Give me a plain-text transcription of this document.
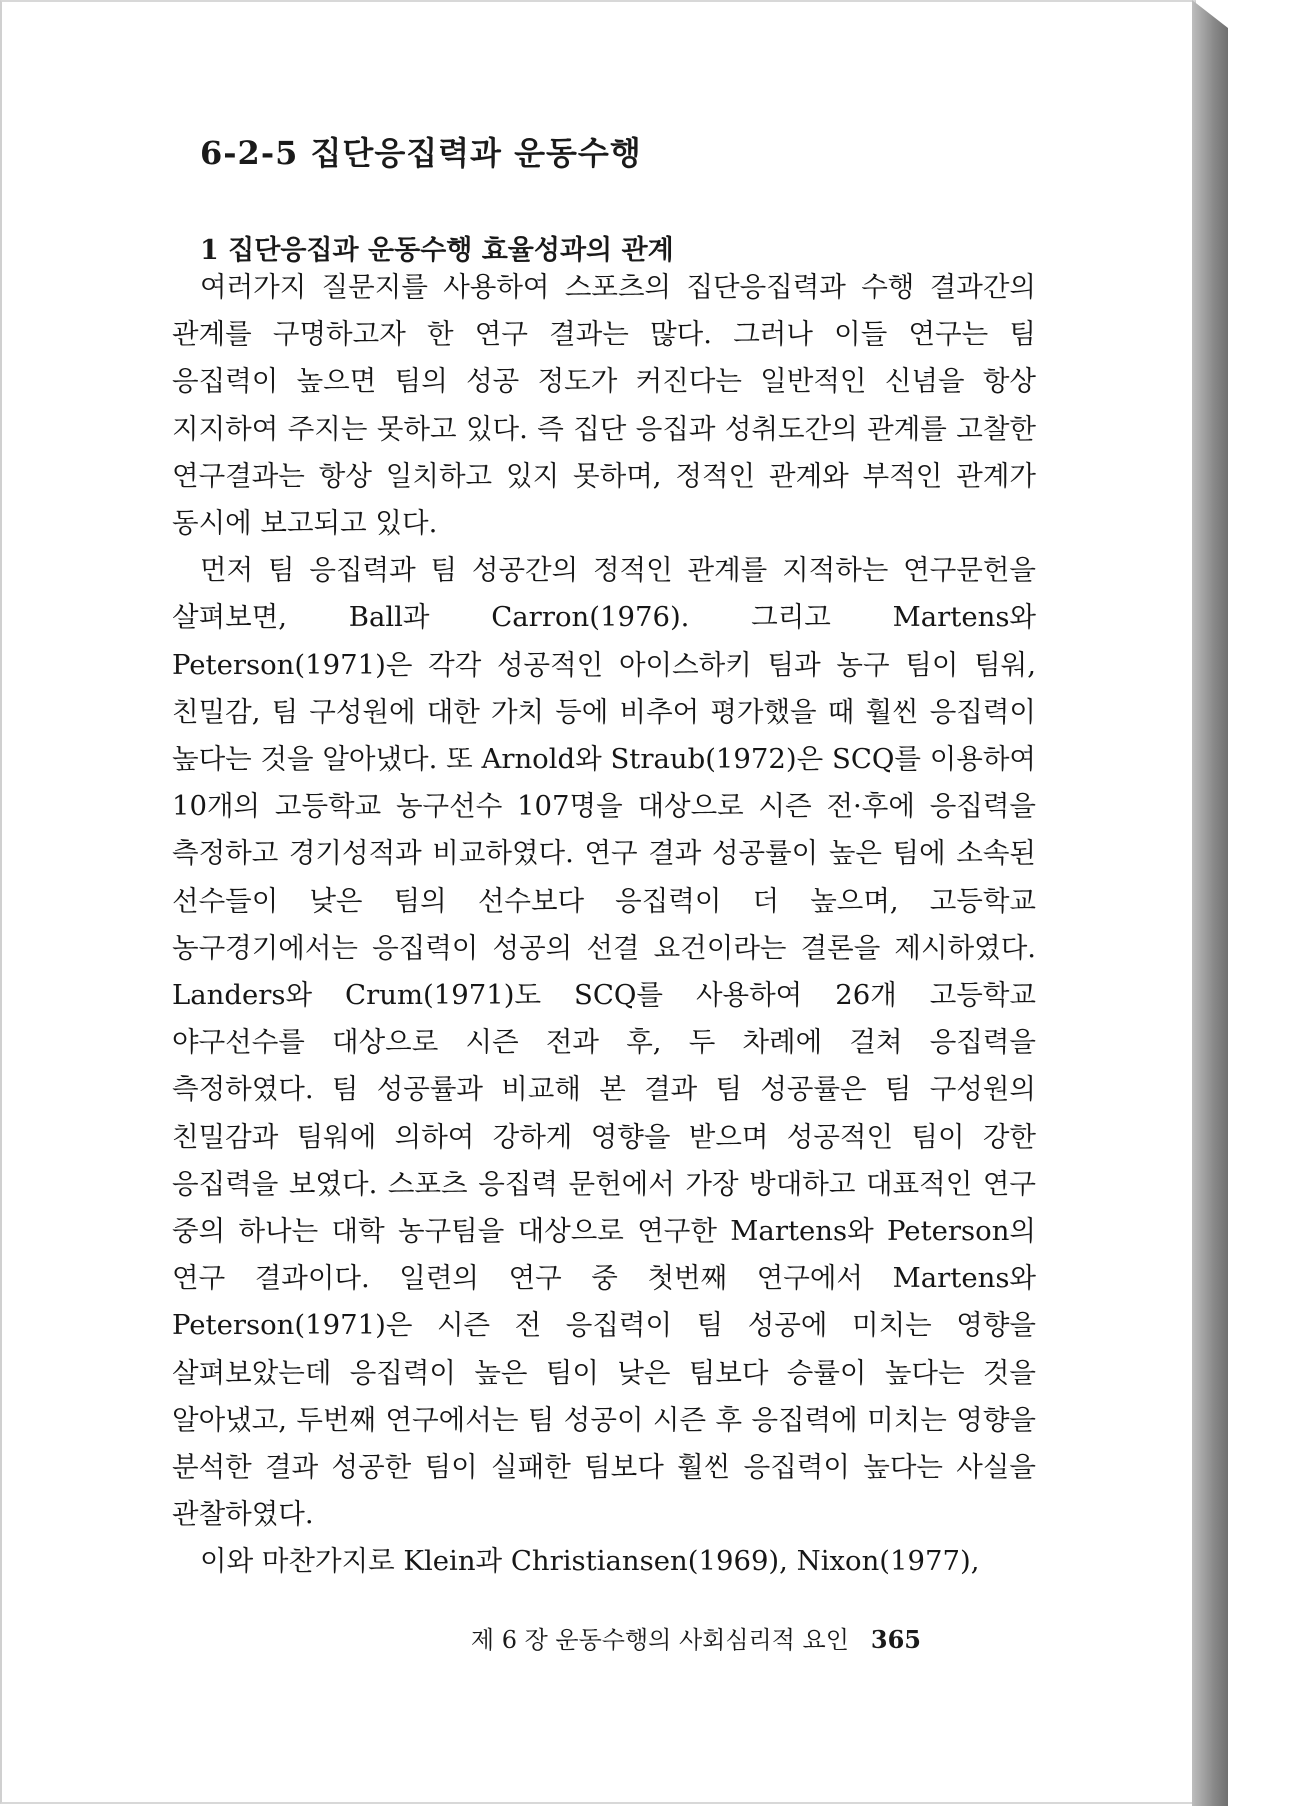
6-2-5 집단응집력과 운동수행
1 집단응집과 운동수행 효율성과의 관계

여러가지 질문지를 사용하여 스포츠의 집단응집력과 수행 결과간의 관계를 구명하고자 한 연구 결과는 많다. 그러나 이들 연구는 팀 응집력이 높으면 팀의 성공 정도가 커진다는 일반적인 신념을 항상 지지하여 주지는 못하고 있다. 즉 집단 응집과 성취도간의 관계를 고찰한 연구결과는 항상 일치하고 있지 못하며, 정적인 관계와 부적인 관계가 동시에 보고되고 있다.

먼저 팀 응집력과 팀 성공간의 정적인 관계를 지적하는 연구문헌을 살펴보면, Ball과 Carron(1976). 그리고 Martens와 Peterson(1971)은 각각 성공적인 아이스하키 팀과 농구 팀이 팀워, 친밀감, 팀 구성원에 대한 가치 등에 비추어 평가했을 때 훨씬 응집력이 높다는 것을 알아냈다. 또 Arnold와 Straub(1972)은 SCQ를 이용하여 10개의 고등학교 농구선수 107명을 대상으로 시즌 전·후에 응집력을 측정하고 경기성적과 비교하였다. 연구 결과 성공률이 높은 팀에 소속된 선수들이 낮은 팀의 선수보다 응집력이 더 높으며, 고등학교 농구경기에서는 응집력이 성공의 선결 요건이라는 결론을 제시하였다. Landers와 Crum(1971)도 SCQ를 사용하여 26개 고등학교 야구선수를 대상으로 시즌 전과 후, 두 차례에 걸쳐 응집력을 측정하였다. 팀 성공률과 비교해 본 결과 팀 성공률은 팀 구성원의 친밀감과 팀워에 의하여 강하게 영향을 받으며 성공적인 팀이 강한 응집력을 보였다. 스포츠 응집력 문헌에서 가장 방대하고 대표적인 연구 중의 하나는 대학 농구팀을 대상으로 연구한 Martens와 Peterson의 연구 결과이다. 일련의 연구 중 첫번째 연구에서 Martens와 Peterson(1971)은 시즌 전 응집력이 팀 성공에 미치는 영향을 살펴보았는데 응집력이 높은 팀이 낮은 팀보다 승률이 높다는 것을 알아냈고, 두번째 연구에서는 팀 성공이 시즌 후 응집력에 미치는 영향을 분석한 결과 성공한 팀이 실패한 팀보다 훨씬 응집력이 높다는 사실을 관찰하였다.

이와 마찬가지로 Klein과 Christiansen(1969), Nixon(1977),

제 6 장 운동수행의 사회심리적 요인 365
